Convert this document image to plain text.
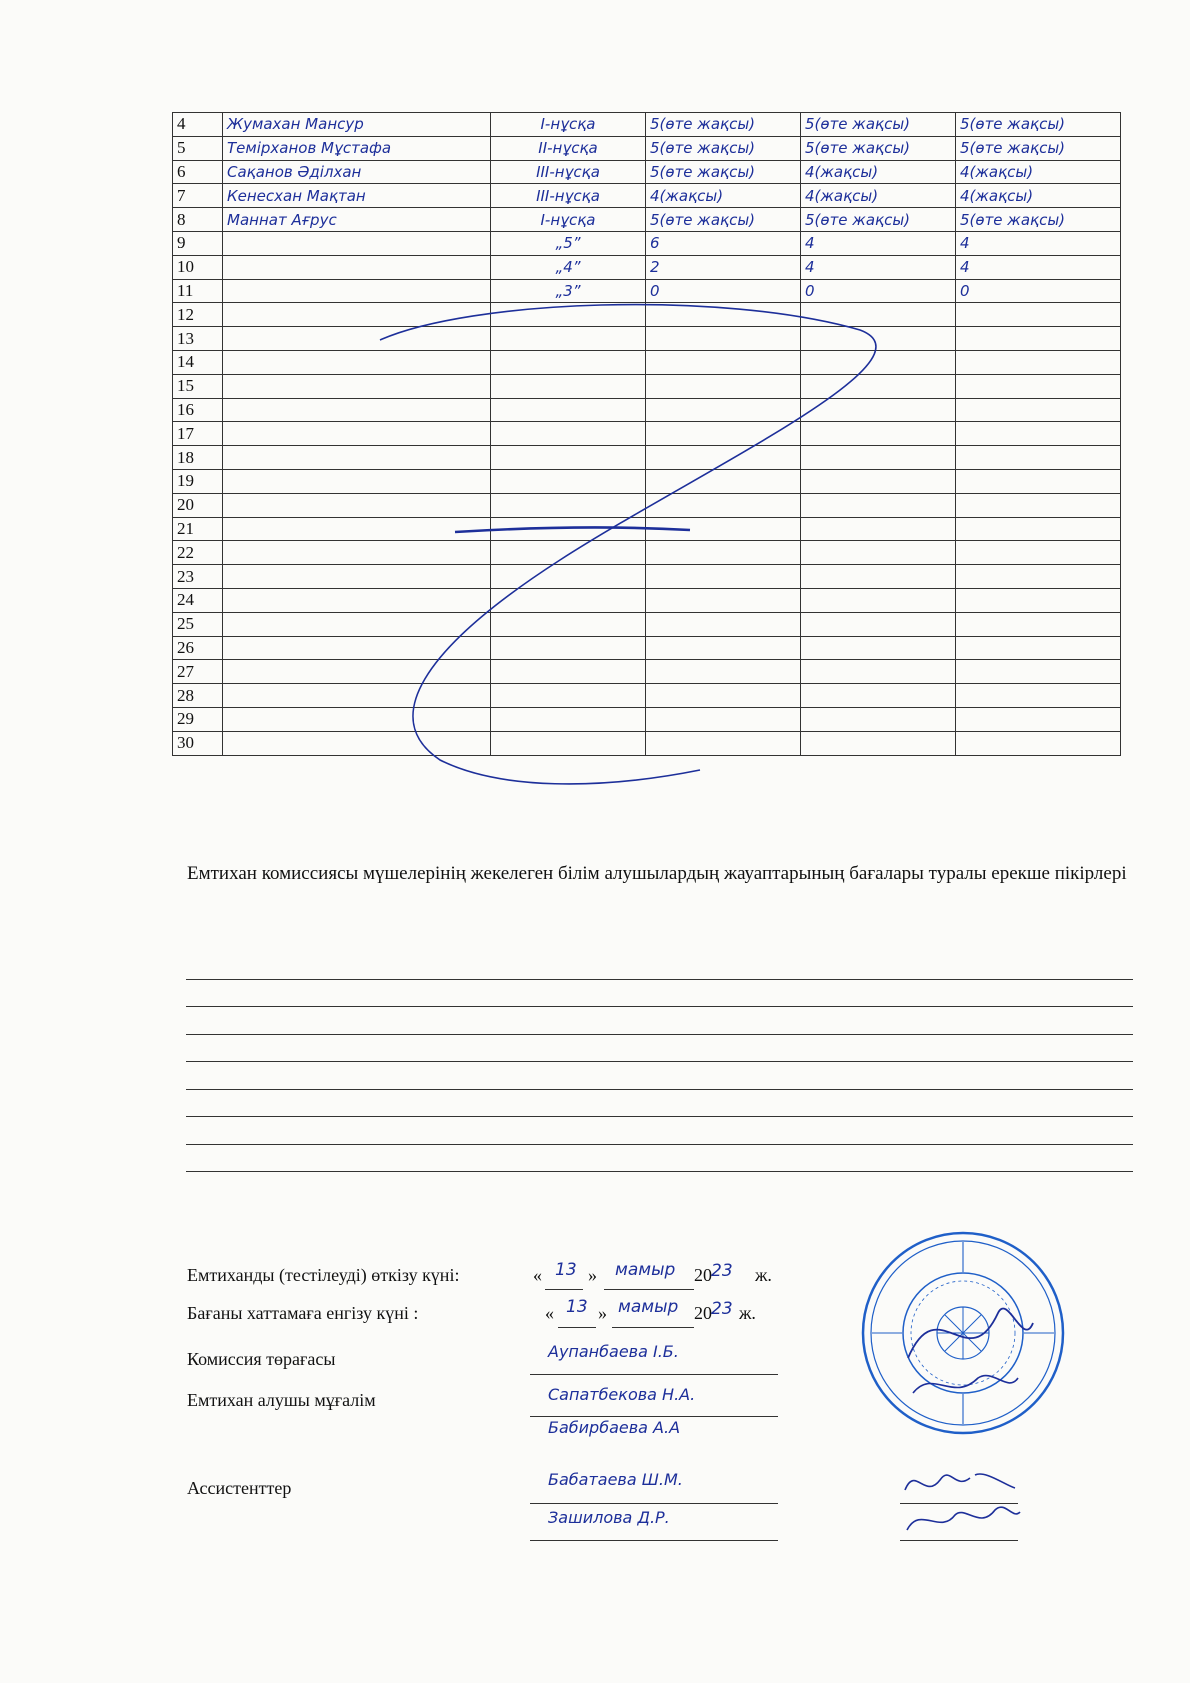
4	Жумахан Мансур	I-нұсқа	5(өте жақсы)	5(өте жақсы)	5(өте жақсы)
5	Темірханов Мұстафа	II-нұсқа	5(өте жақсы)	5(өте жақсы)	5(өте жақсы)
6	Сақанов Әділхан	III-нұсқа	5(өте жақсы)	4(жақсы)	4(жақсы)
7	Кенесхан Мақтан	III-нұсқа	4(жақсы)	4(жақсы)	4(жақсы)
8	Маннат Ағрус	I-нұсқа	5(өте жақсы)	5(өте жақсы)	5(өте жақсы)
9		„5”	6	4	4
10		„4”	2	4	4
11		„3”	0	0	0
12					
13					
14					
15					
16					
17					
18					
19					
20					
21					
22					
23					
24					
25					
26					
27					
28					
29					
30					
Емтихан комиссиясы мүшелерінің жекелеген білім алушылардың жауаптарының бағалары туралы ерекше пікірлері
Емтиханды (тестілеуді) өткізу күні:	« 13 » мамыр 20 23 ж.
Бағаны хаттамаға енгізу күні :	« 13 » мамыр 20 23 ж.
Комиссия төрағасы	Аупанбаева І.Б.
Емтихан алушы мұғалім	Сапатбекова Н.А.
Бабирбаева А.А
Ассистенттер	Бабатаева Ш.М.
Зашилова Д.Р.
